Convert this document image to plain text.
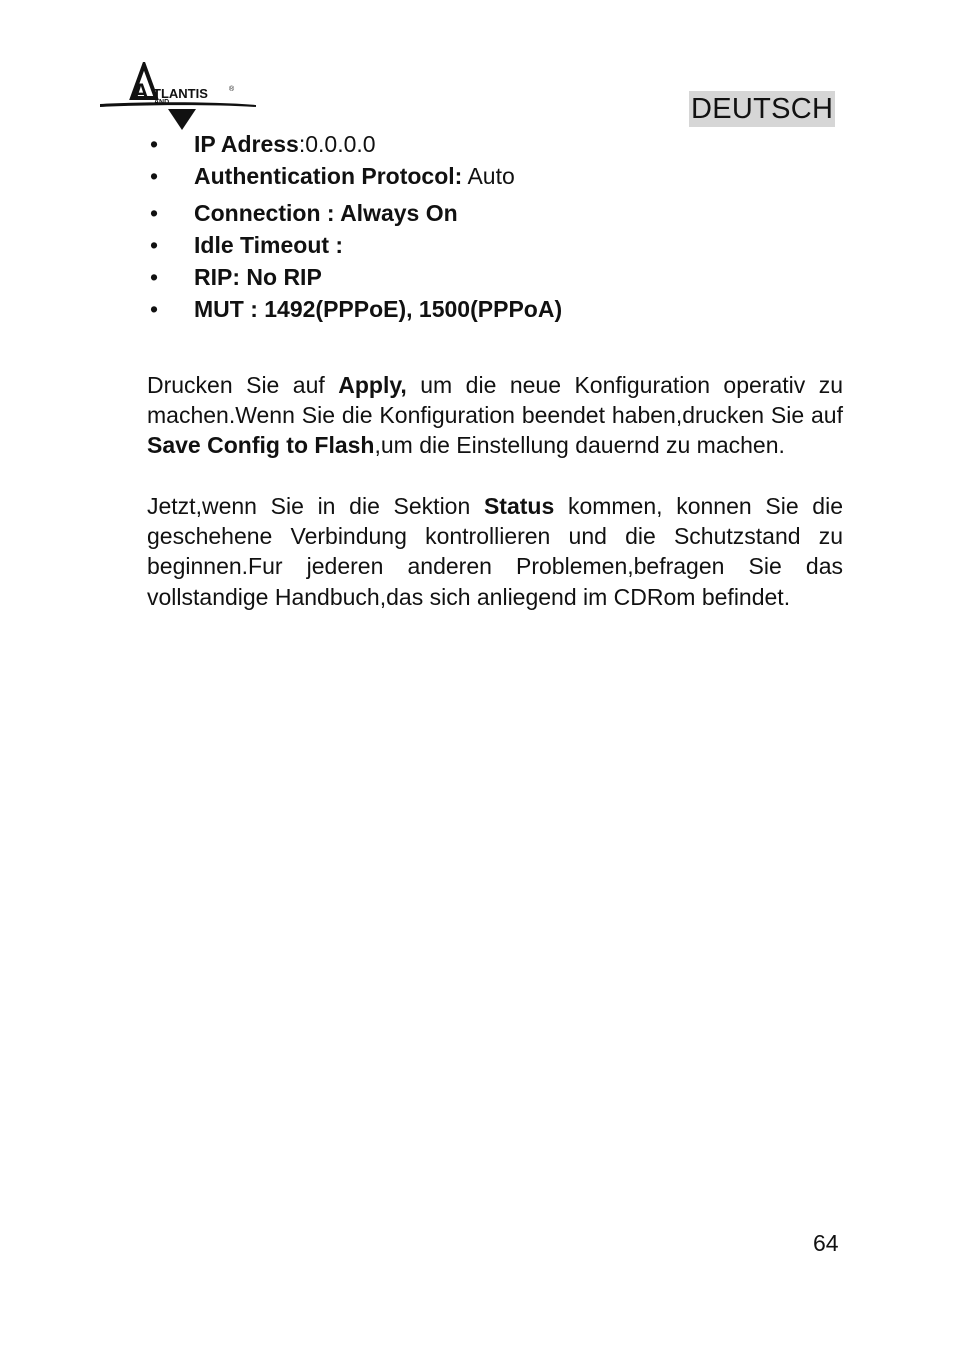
A TLANTIS	®
AND	DEUTSCH
• IP Adress:0.0.0.0
• Authentication Protocol: Auto
• Connection : Always On
• Idle Timeout :
• RIP: No RIP
• MUT : 1492(PPPoE), 1500(PPPoA)

Drucken Sie auf Apply, um die neue Konfiguration operativ zu machen.Wenn Sie die Konfiguration beendet haben,drucken Sie auf Save Config to Flash,um die Einstellung dauernd zu machen.

Jetzt,wenn Sie in die Sektion Status kommen, konnen Sie die geschehene Verbindung kontrollieren und die Schutzstand zu beginnen.Fur jederen anderen Problemen,befragen Sie das vollstandige Handbuch,das sich anliegend im CDRom befindet.

64
